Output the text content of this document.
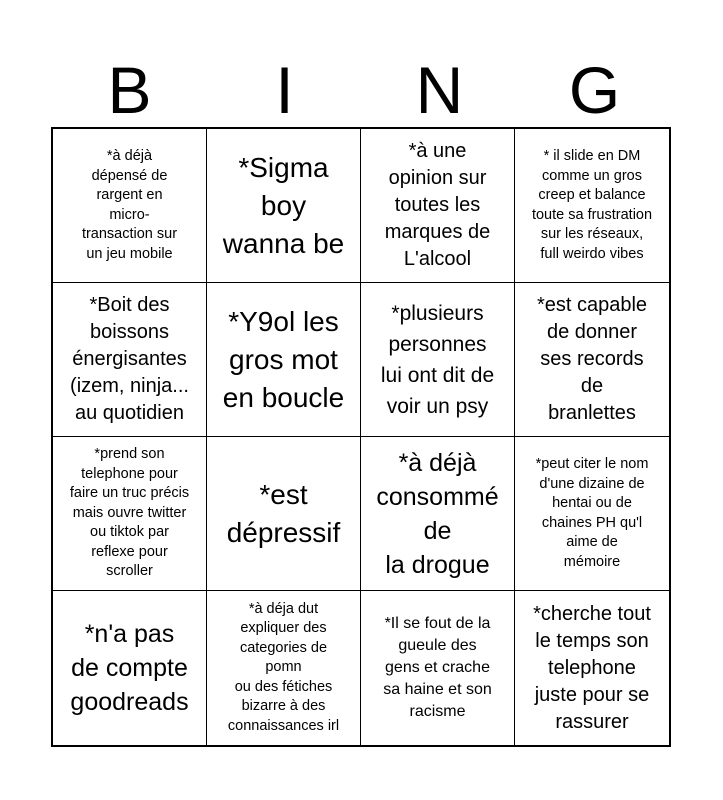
B	I	N	G
*à déjà
dépensé de
rargent en
micro-
transaction sur
un jeu mobile
*Sigma
boy
wanna be
*à une
opinion sur
toutes les
marques de
L'alcool
* il slide en DM
comme un gros
creep et balance
toute sa frustration
sur les réseaux,
full weirdo vibes
*Boit des
boissons
énergisantes
(izem, ninja...
au quotidien
*Y9ol les
gros mot
en boucle
*plusieurs
personnes
lui ont dit de
voir un psy
*est capable
de donner
ses records
de
branlettes
*prend son
telephone pour
faire un truc précis
mais ouvre twitter
ou tiktok par
reflexe pour
scroller
*est
dépressif
*à déjà
consommé
de
la drogue
*peut citer le nom
d'une dizaine de
hentai ou de
chaines PH qu'l
aime de
mémoire
*n'a pas
de compte
goodreads
*à déja dut
expliquer des
categories de
pomn
ou des fétiches
bizarre à des
connaissances irl
*Il se fout de la
gueule des
gens et crache
sa haine et son
racisme
*cherche tout
le temps son
telephone
juste pour se
rassurer
